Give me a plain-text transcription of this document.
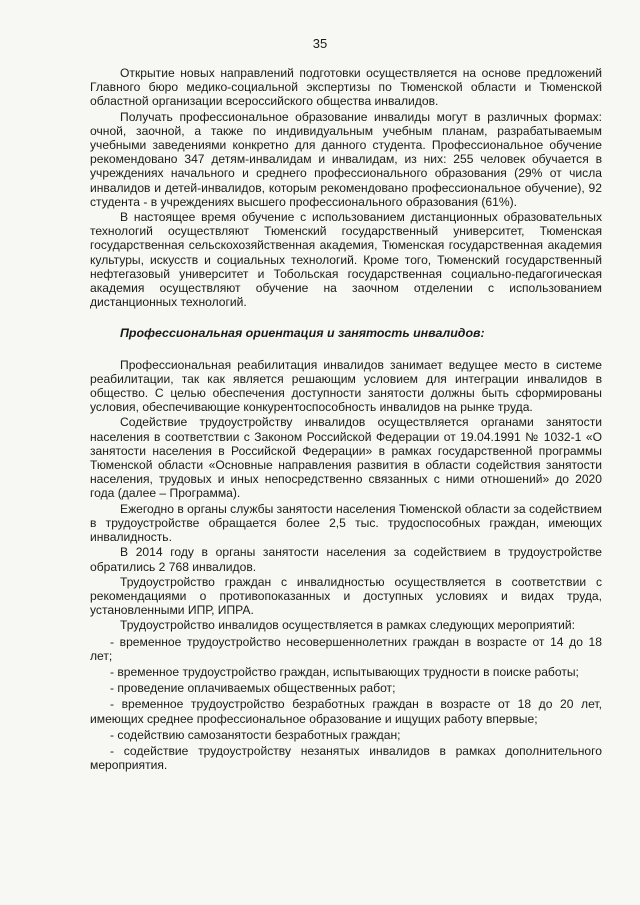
35

Открытие новых направлений подготовки осуществляется на основе предложений Главного бюро медико-социальной экспертизы по Тюменской области и Тюменской областной организации всероссийского общества инвалидов.

Получать профессиональное образование инвалиды могут в различных формах: очной, заочной, а также по индивидуальным учебным планам, разрабатываемым учебными заведениями конкретно для данного студента. Профессиональное обучение рекомендовано 347 детям-инвалидам и инвалидам, из них: 255 человек обучается в учреждениях начального и среднего профессионального образования (29% от числа инвалидов и детей-инвалидов, которым рекомендовано профессиональное обучение), 92 студента - в учреждениях высшего профессионального образования (61%).

В настоящее время обучение с использованием дистанционных образовательных технологий осуществляют Тюменский государственный университет, Тюменская государственная сельскохозяйственная академия, Тюменская государственная академия культуры, искусств и социальных технологий. Кроме того, Тюменский государственный нефтегазовый университет и Тобольская государственная социально-педагогическая академия осуществляют обучение на заочном отделении с использованием дистанционных технологий.

Профессиональная ориентация и занятость инвалидов:

Профессиональная реабилитация инвалидов занимает ведущее место в системе реабилитации, так как является решающим условием для интеграции инвалидов в общество. С целью обеспечения доступности занятости должны быть сформированы условия, обеспечивающие конкурентоспособность инвалидов на рынке труда.

Содействие трудоустройству инвалидов осуществляется органами занятости населения в соответствии с Законом Российской Федерации от 19.04.1991 № 1032-1 «О занятости населения в Российской Федерации» в рамках государственной программы Тюменской области «Основные направления развития в области содействия занятости населения, трудовых и иных непосредственно связанных с ними отношений» до 2020 года (далее – Программа).

Ежегодно в органы службы занятости населения Тюменской области за содействием в трудоустройстве обращается более 2,5 тыс. трудоспособных граждан, имеющих инвалидность.

В 2014 году в органы занятости населения за содействием в трудоустройстве обратились 2 768 инвалидов.

Трудоустройство граждан с инвалидностью осуществляется в соответствии с рекомендациями о противопоказанных и доступных условиях и видах труда, установленными ИПР, ИПРА.

Трудоустройство инвалидов осуществляется в рамках следующих мероприятий:

- временное трудоустройство несовершеннолетних граждан в возрасте от 14 до 18 лет;

- временное трудоустройство граждан, испытывающих трудности в поиске работы;

- проведение оплачиваемых общественных работ;

- временное трудоустройство безработных граждан в возрасте от 18 до 20 лет, имеющих среднее профессиональное образование и ищущих работу впервые;

- содействию самозанятости безработных граждан;

- содействие трудоустройству незанятых инвалидов в рамках дополнительного мероприятия.
